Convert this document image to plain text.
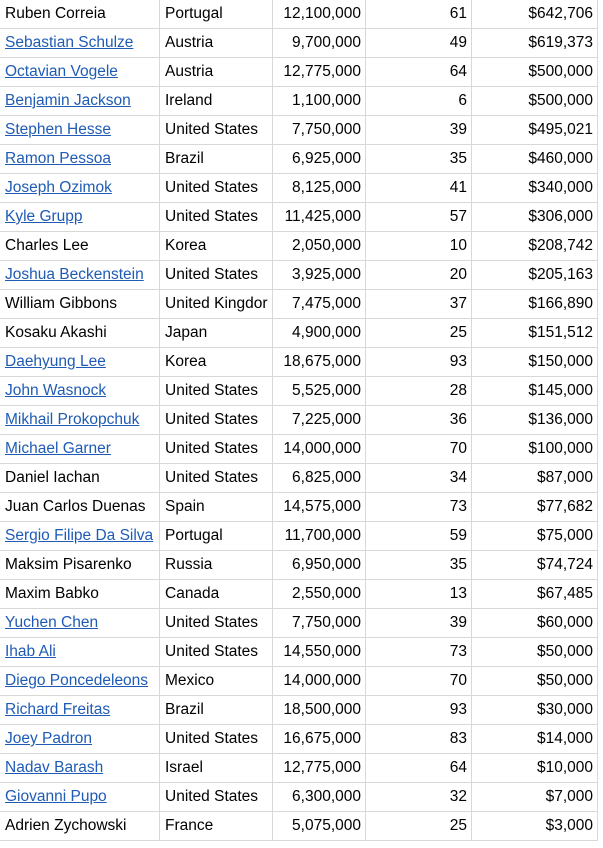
Ruben Correia	Portugal	12,100,000	61	$642,706
Sebastian Schulze	Austria	9,700,000	49	$619,373
Octavian Vogele	Austria	12,775,000	64	$500,000
Benjamin Jackson	Ireland	1,100,000	6	$500,000
Stephen Hesse	United States	7,750,000	39	$495,021
Ramon Pessoa	Brazil	6,925,000	35	$460,000
Joseph Ozimok	United States	8,125,000	41	$340,000
Kyle Grupp	United States	11,425,000	57	$306,000
Charles Lee	Korea	2,050,000	10	$208,742
Joshua Beckenstein	United States	3,925,000	20	$205,163
William Gibbons	United Kingdor	7,475,000	37	$166,890
Kosaku Akashi	Japan	4,900,000	25	$151,512
Daehyung Lee	Korea	18,675,000	93	$150,000
John Wasnock	United States	5,525,000	28	$145,000
Mikhail Prokopchuk	United States	7,225,000	36	$136,000
Michael Garner	United States	14,000,000	70	$100,000
Daniel Iachan	United States	6,825,000	34	$87,000
Juan Carlos Duenas	Spain	14,575,000	73	$77,682
Sergio Filipe Da Silva	Portugal	11,700,000	59	$75,000
Maksim Pisarenko	Russia	6,950,000	35	$74,724
Maxim Babko	Canada	2,550,000	13	$67,485
Yuchen Chen	United States	7,750,000	39	$60,000
Ihab Ali	United States	14,550,000	73	$50,000
Diego Poncedeleons	Mexico	14,000,000	70	$50,000
Richard Freitas	Brazil	18,500,000	93	$30,000
Joey Padron	United States	16,675,000	83	$14,000
Nadav Barash	Israel	12,775,000	64	$10,000
Giovanni Pupo	United States	6,300,000	32	$7,000
Adrien Zychowski	France	5,075,000	25	$3,000
